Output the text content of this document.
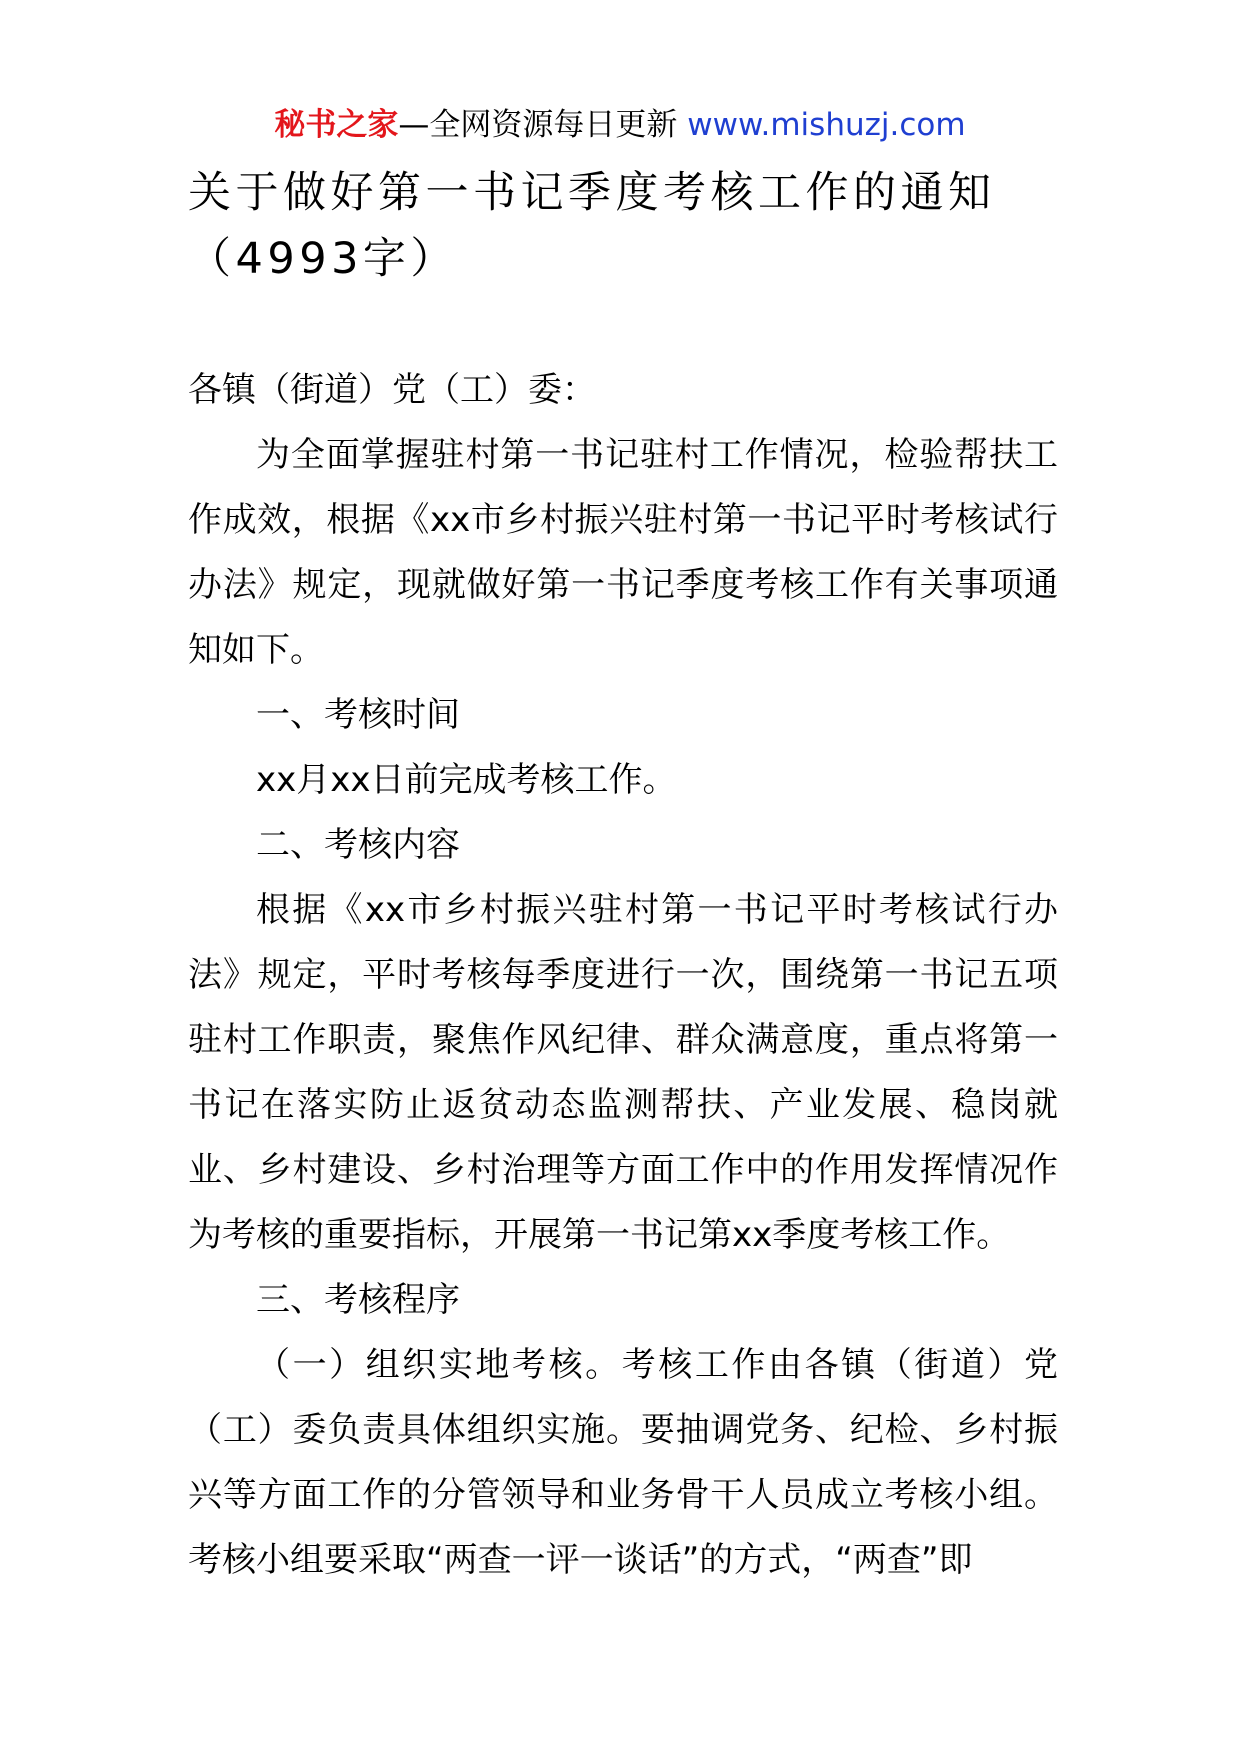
秘书之家—全网资源每日更新 www.mishuzj.com
关于做好第一书记季度考核工作的通知
（4993字）

各镇（街道）党（工）委：

为全面掌握驻村第一书记驻村工作情况，检验帮扶工作成效，根据《xx市乡村振兴驻村第一书记平时考核试行办法》规定，现就做好第一书记季度考核工作有关事项通知如下。

一、考核时间

xx月xx日前完成考核工作。

二、考核内容

根据《xx市乡村振兴驻村第一书记平时考核试行办法》规定，平时考核每季度进行一次，围绕第一书记五项驻村工作职责，聚焦作风纪律、群众满意度，重点将第一书记在落实防止返贫动态监测帮扶、产业发展、稳岗就业、乡村建设、乡村治理等方面工作中的作用发挥情况作为考核的重要指标，开展第一书记第xx季度考核工作。

三、考核程序

（一）组织实地考核。考核工作由各镇（街道）党（工）委负责具体组织实施。要抽调党务、纪检、乡村振兴等方面工作的分管领导和业务骨干人员成立考核小组。考核小组要采取“两查一评一谈话”的方式，“两查”即
